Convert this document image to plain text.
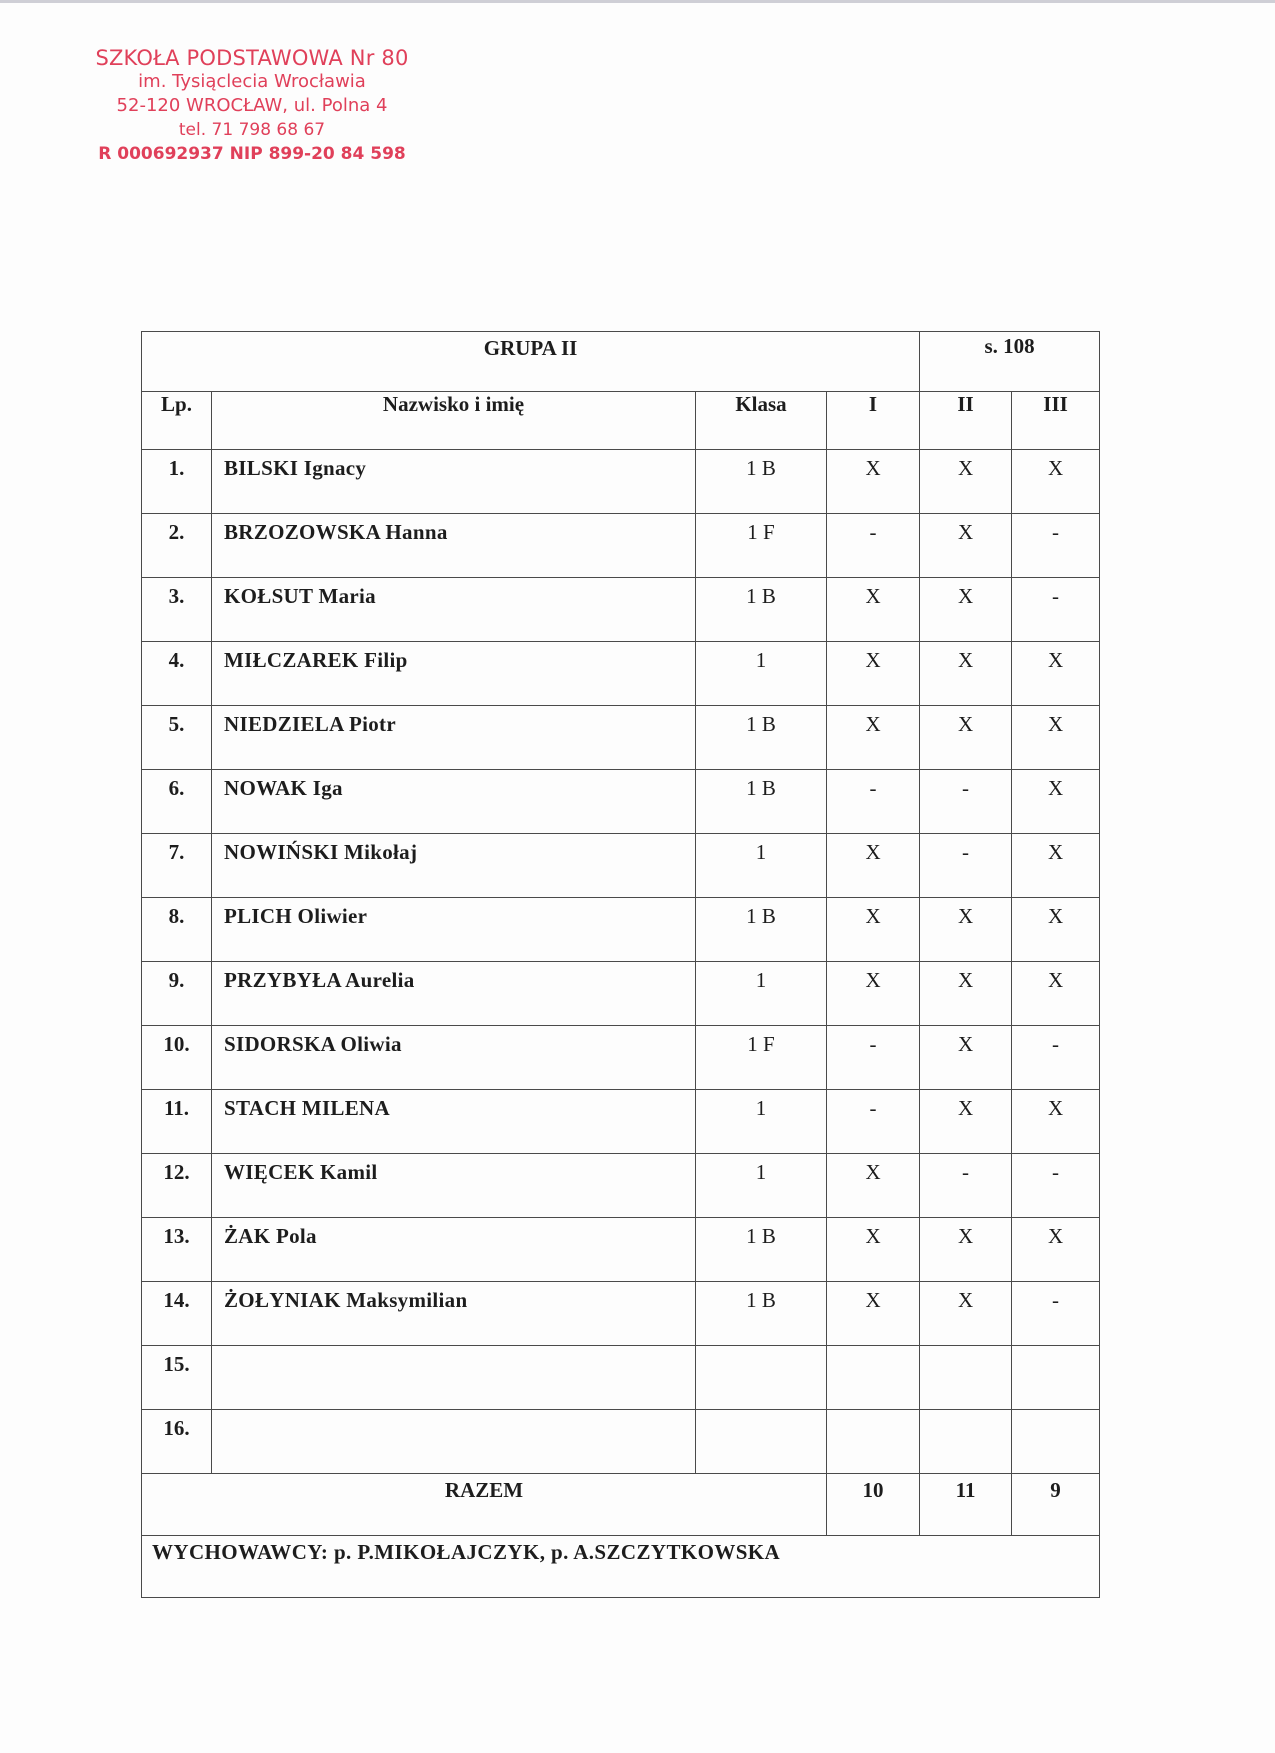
SZKOŁA PODSTAWOWA Nr 80
im. Tysiąclecia Wrocławia
52-120 WROCŁAW, ul. Polna 4
tel. 71 798 68 67
R 000692937 NIP 899-20 84 598
GRUPA II				s. 108	
Lp.	Nazwisko i imię	Klasa	I	II	III
1.	BILSKI Ignacy	1 B	X	X	X
2.	BRZOZOWSKA Hanna	1 F	-	X	-
3.	KOŁSUT Maria	1 B	X	X	-
4.	MIŁCZAREK Filip	1	X	X	X
5.	NIEDZIELA Piotr	1 B	X	X	X
6.	NOWAK Iga	1 B	-	-	X
7.	NOWIŃSKI Mikołaj	1	X	-	X
8.	PLICH Oliwier	1 B	X	X	X
9.	PRZYBYŁA Aurelia	1	X	X	X
10.	SIDORSKA Oliwia	1 F	-	X	-
11.	STACH MILENA	1	-	X	X
12.	WIĘCEK Kamil	1	X	-	-
13.	ŻAK Pola	1 B	X	X	X
14.	ŻOŁYNIAK Maksymilian	1 B	X	X	-
15.					
16.					
RAZEM			10	11	9
WYCHOWAWCY: p. P.MIKOŁAJCZYK, p. A.SZCZYTKOWSKA					
